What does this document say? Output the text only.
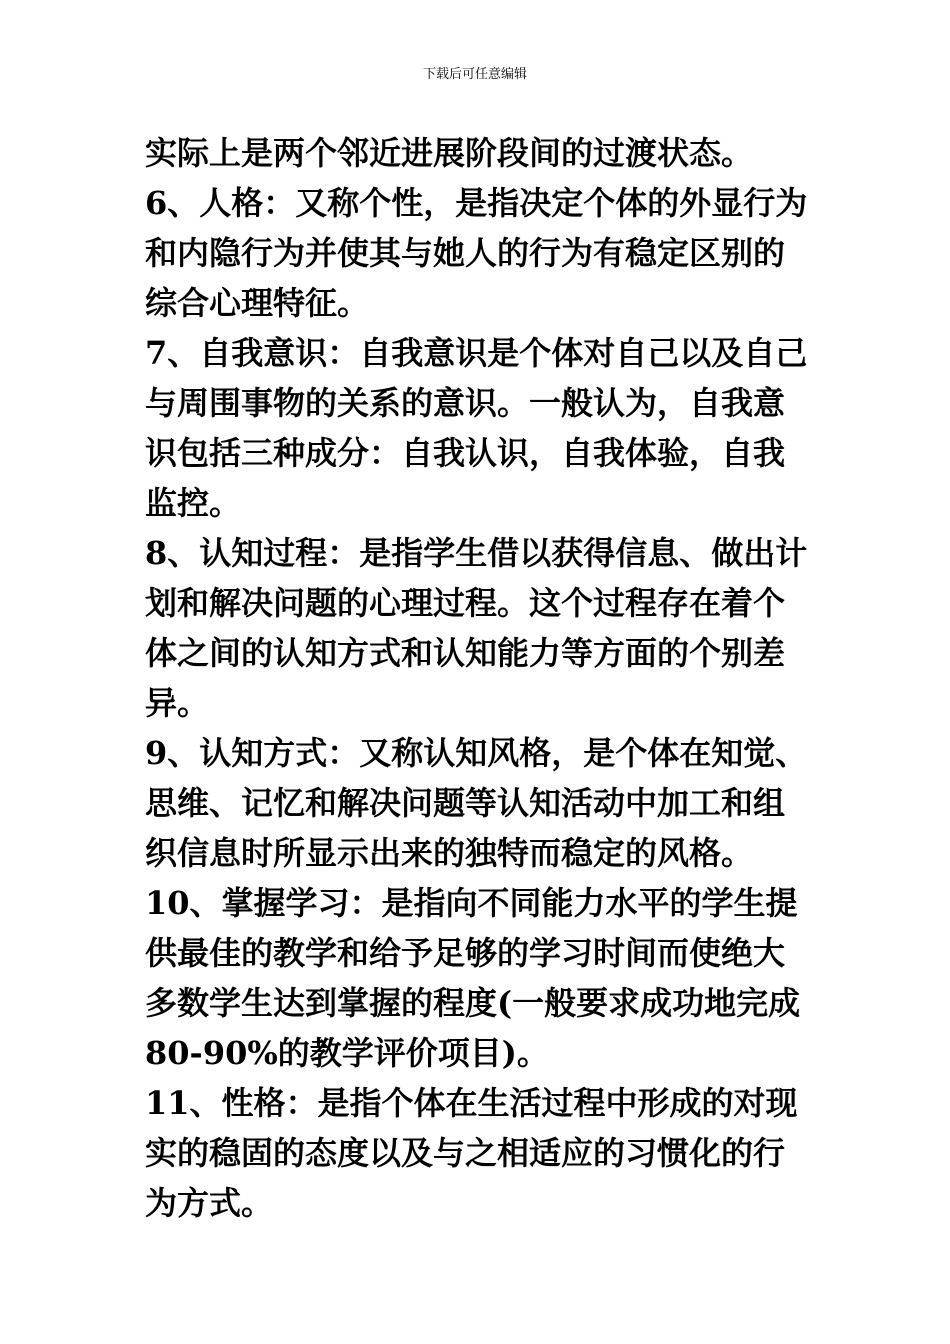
下载后可任意编辑
实际上是两个邻近进展阶段间的过渡状态。
6、人格：又称个性，是指决定个体的外显行为
和内隐行为并使其与她人的行为有稳定区别的
综合心理特征。
7、自我意识：自我意识是个体对自己以及自己
与周围事物的关系的意识。一般认为，自我意
识包括三种成分：自我认识，自我体验，自我
监控。
8、认知过程：是指学生借以获得信息、做出计
划和解决问题的心理过程。这个过程存在着个
体之间的认知方式和认知能力等方面的个别差
异。
9、认知方式：又称认知风格，是个体在知觉、
思维、记忆和解决问题等认知活动中加工和组
织信息时所显示出来的独特而稳定的风格。
10、掌握学习：是指向不同能力水平的学生提
供最佳的教学和给予足够的学习时间而使绝大
多数学生达到掌握的程度(一般要求成功地完成
80-90%的教学评价项目)。
11、性格：是指个体在生活过程中形成的对现
实的稳固的态度以及与之相适应的习惯化的行
为方式。
